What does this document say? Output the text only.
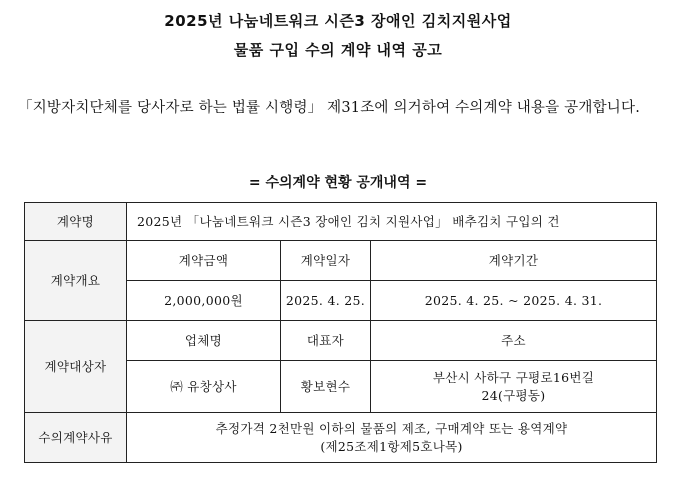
2025년 나눔네트워크 시즌3 장애인 김치지원사업
물품 구입 수의 계약 내역 공고
「지방자치단체를 당사자로 하는 법률 시행령」 제31조에 의거하여 수의계약 내용을 공개합니다.
= 수의계약 현황 공개내역 =
계약명	2025년 「나눔네트워크 시즌3 장애인 김치 지원사업」 배추김치 구입의 건		
계약개요	계약금액	계약일자	계약기간
	2,000,000원	2025. 4. 25.	2025. 4. 25. ~ 2025. 4. 31.
계약대상자	업체명	대표자	주소
	㈜ 유창상사	황보현수	부산시 사하구 구평로16번길
24(구평동)

수의계약사유	추정가격 2천만원 이하의 물품의 제조, 구매계약 또는 용역계약
(제25조제1항제5호나목)		
